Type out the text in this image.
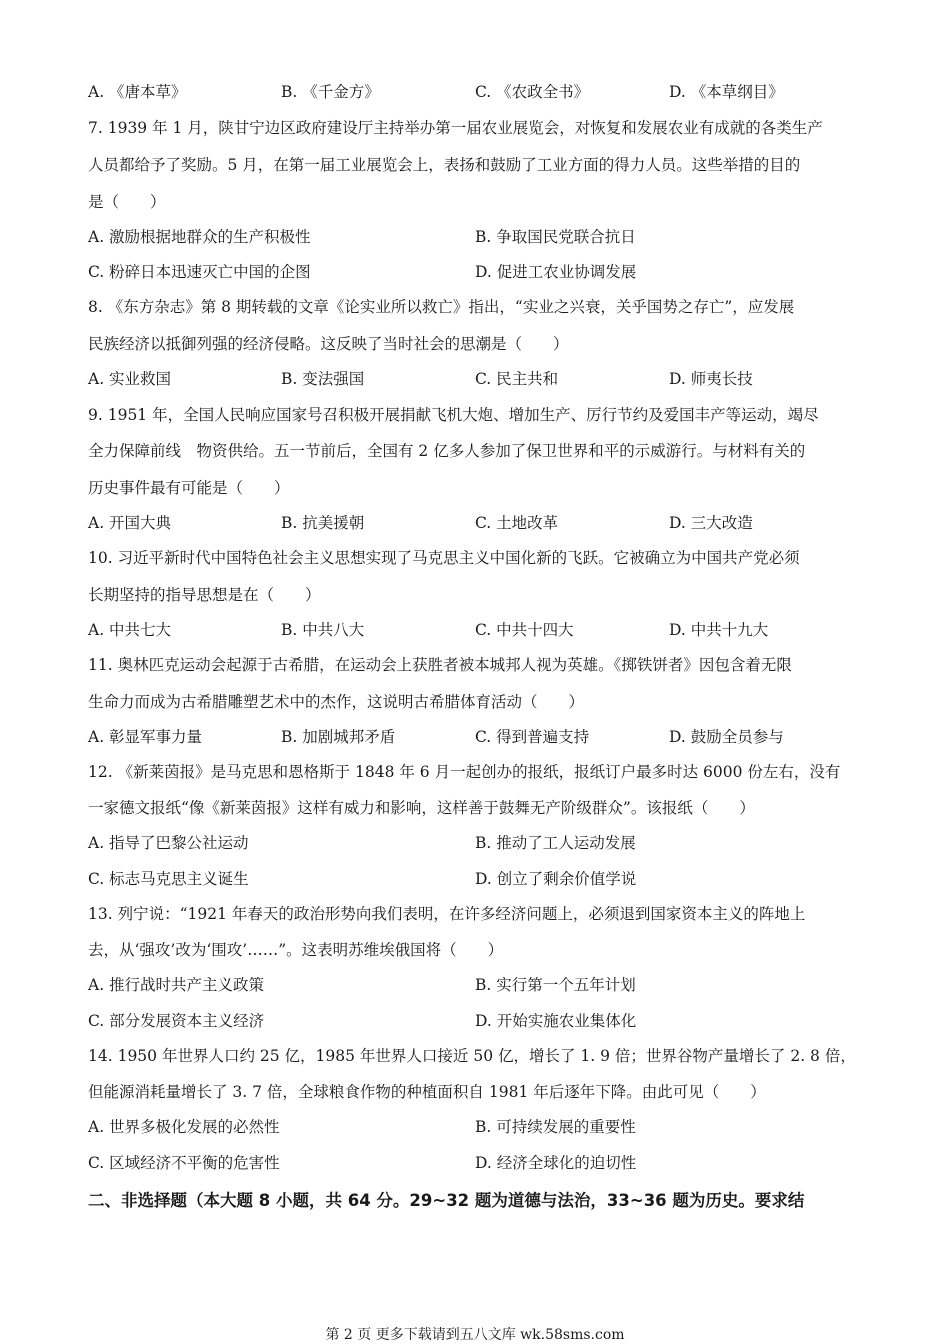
A. 《唐本草》	B. 《千金方》	C. 《农政全书》	D. 《本草纲目》
7. 1939 年 1 月，陕甘宁边区政府建设厅主持举办第一届农业展览会，对恢复和发展农业有成就的各类生产
人员都给予了奖励。5 月，在第一届工业展览会上，表扬和鼓励了工业方面的得力人员。这些举措的目的
是（　　）
A. 激励根据地群众的生产积极性	B. 争取国民党联合抗日
C. 粉碎日本迅速灭亡中国的企图	D. 促进工农业协调发展
8. 《东方杂志》第 8 期转载的文章《论实业所以救亡》指出，“实业之兴衰，关乎国势之存亡”，应发展
民族经济以抵御列强的经济侵略。这反映了当时社会的思潮是（　　）
A. 实业救国	B. 变法强国	C. 民主共和	D. 师夷长技
9. 1951 年，全国人民响应国家号召积极开展捐献飞机大炮、增加生产、厉行节约及爱国丰产等运动，竭尽
全力保障前线　物资供给。五一节前后，全国有 2 亿多人参加了保卫世界和平的示威游行。与材料有关的
历史事件最有可能是（　　）
A. 开国大典	B. 抗美援朝	C. 土地改革	D. 三大改造
10. 习近平新时代中国特色社会主义思想实现了马克思主义中国化新的飞跃。它被确立为中国共产党必须
长期坚持的指导思想是在（　　）
A. 中共七大	B. 中共八大	C. 中共十四大	D. 中共十九大
11. 奥林匹克运动会起源于古希腊，在运动会上获胜者被本城邦人视为英雄。《掷铁饼者》因包含着无限
生命力而成为古希腊雕塑艺术中的杰作，这说明古希腊体育活动（　　）
A. 彰显军事力量	B. 加剧城邦矛盾	C. 得到普遍支持	D. 鼓励全员参与
12. 《新莱茵报》是马克思和恩格斯于 1848 年 6 月一起创办的报纸，报纸订户最多时达 6000 份左右，没有
一家德文报纸“像《新莱茵报》这样有威力和影响，这样善于鼓舞无产阶级群众”。该报纸（　　）
A. 指导了巴黎公社运动	B. 推动了工人运动发展
C. 标志马克思主义诞生	D. 创立了剩余价值学说
13. 列宁说：“1921 年春天的政治形势向我们表明，在许多经济问题上，必须退到国家资本主义的阵地上
去，从‘强攻’改为‘围攻’……”。这表明苏维埃俄国将（　　）
A. 推行战时共产主义政策	B. 实行第一个五年计划
C. 部分发展资本主义经济	D. 开始实施农业集体化
14. 1950 年世界人口约 25 亿，1985 年世界人口接近 50 亿，增长了 1. 9 倍；世界谷物产量增长了 2. 8 倍，
但能源消耗量增长了 3. 7 倍，全球粮食作物的种植面积自 1981 年后逐年下降。由此可见（　　）
A. 世界多极化发展的必然性	B. 可持续发展的重要性
C. 区域经济不平衡的危害性	D. 经济全球化的迫切性
二、非选择题（本大题 8 小题，共 64 分。29~32 题为道德与法治，33~36 题为历史。要求结
第 2 页 更多下载请到五八文库 wk.58sms.com
